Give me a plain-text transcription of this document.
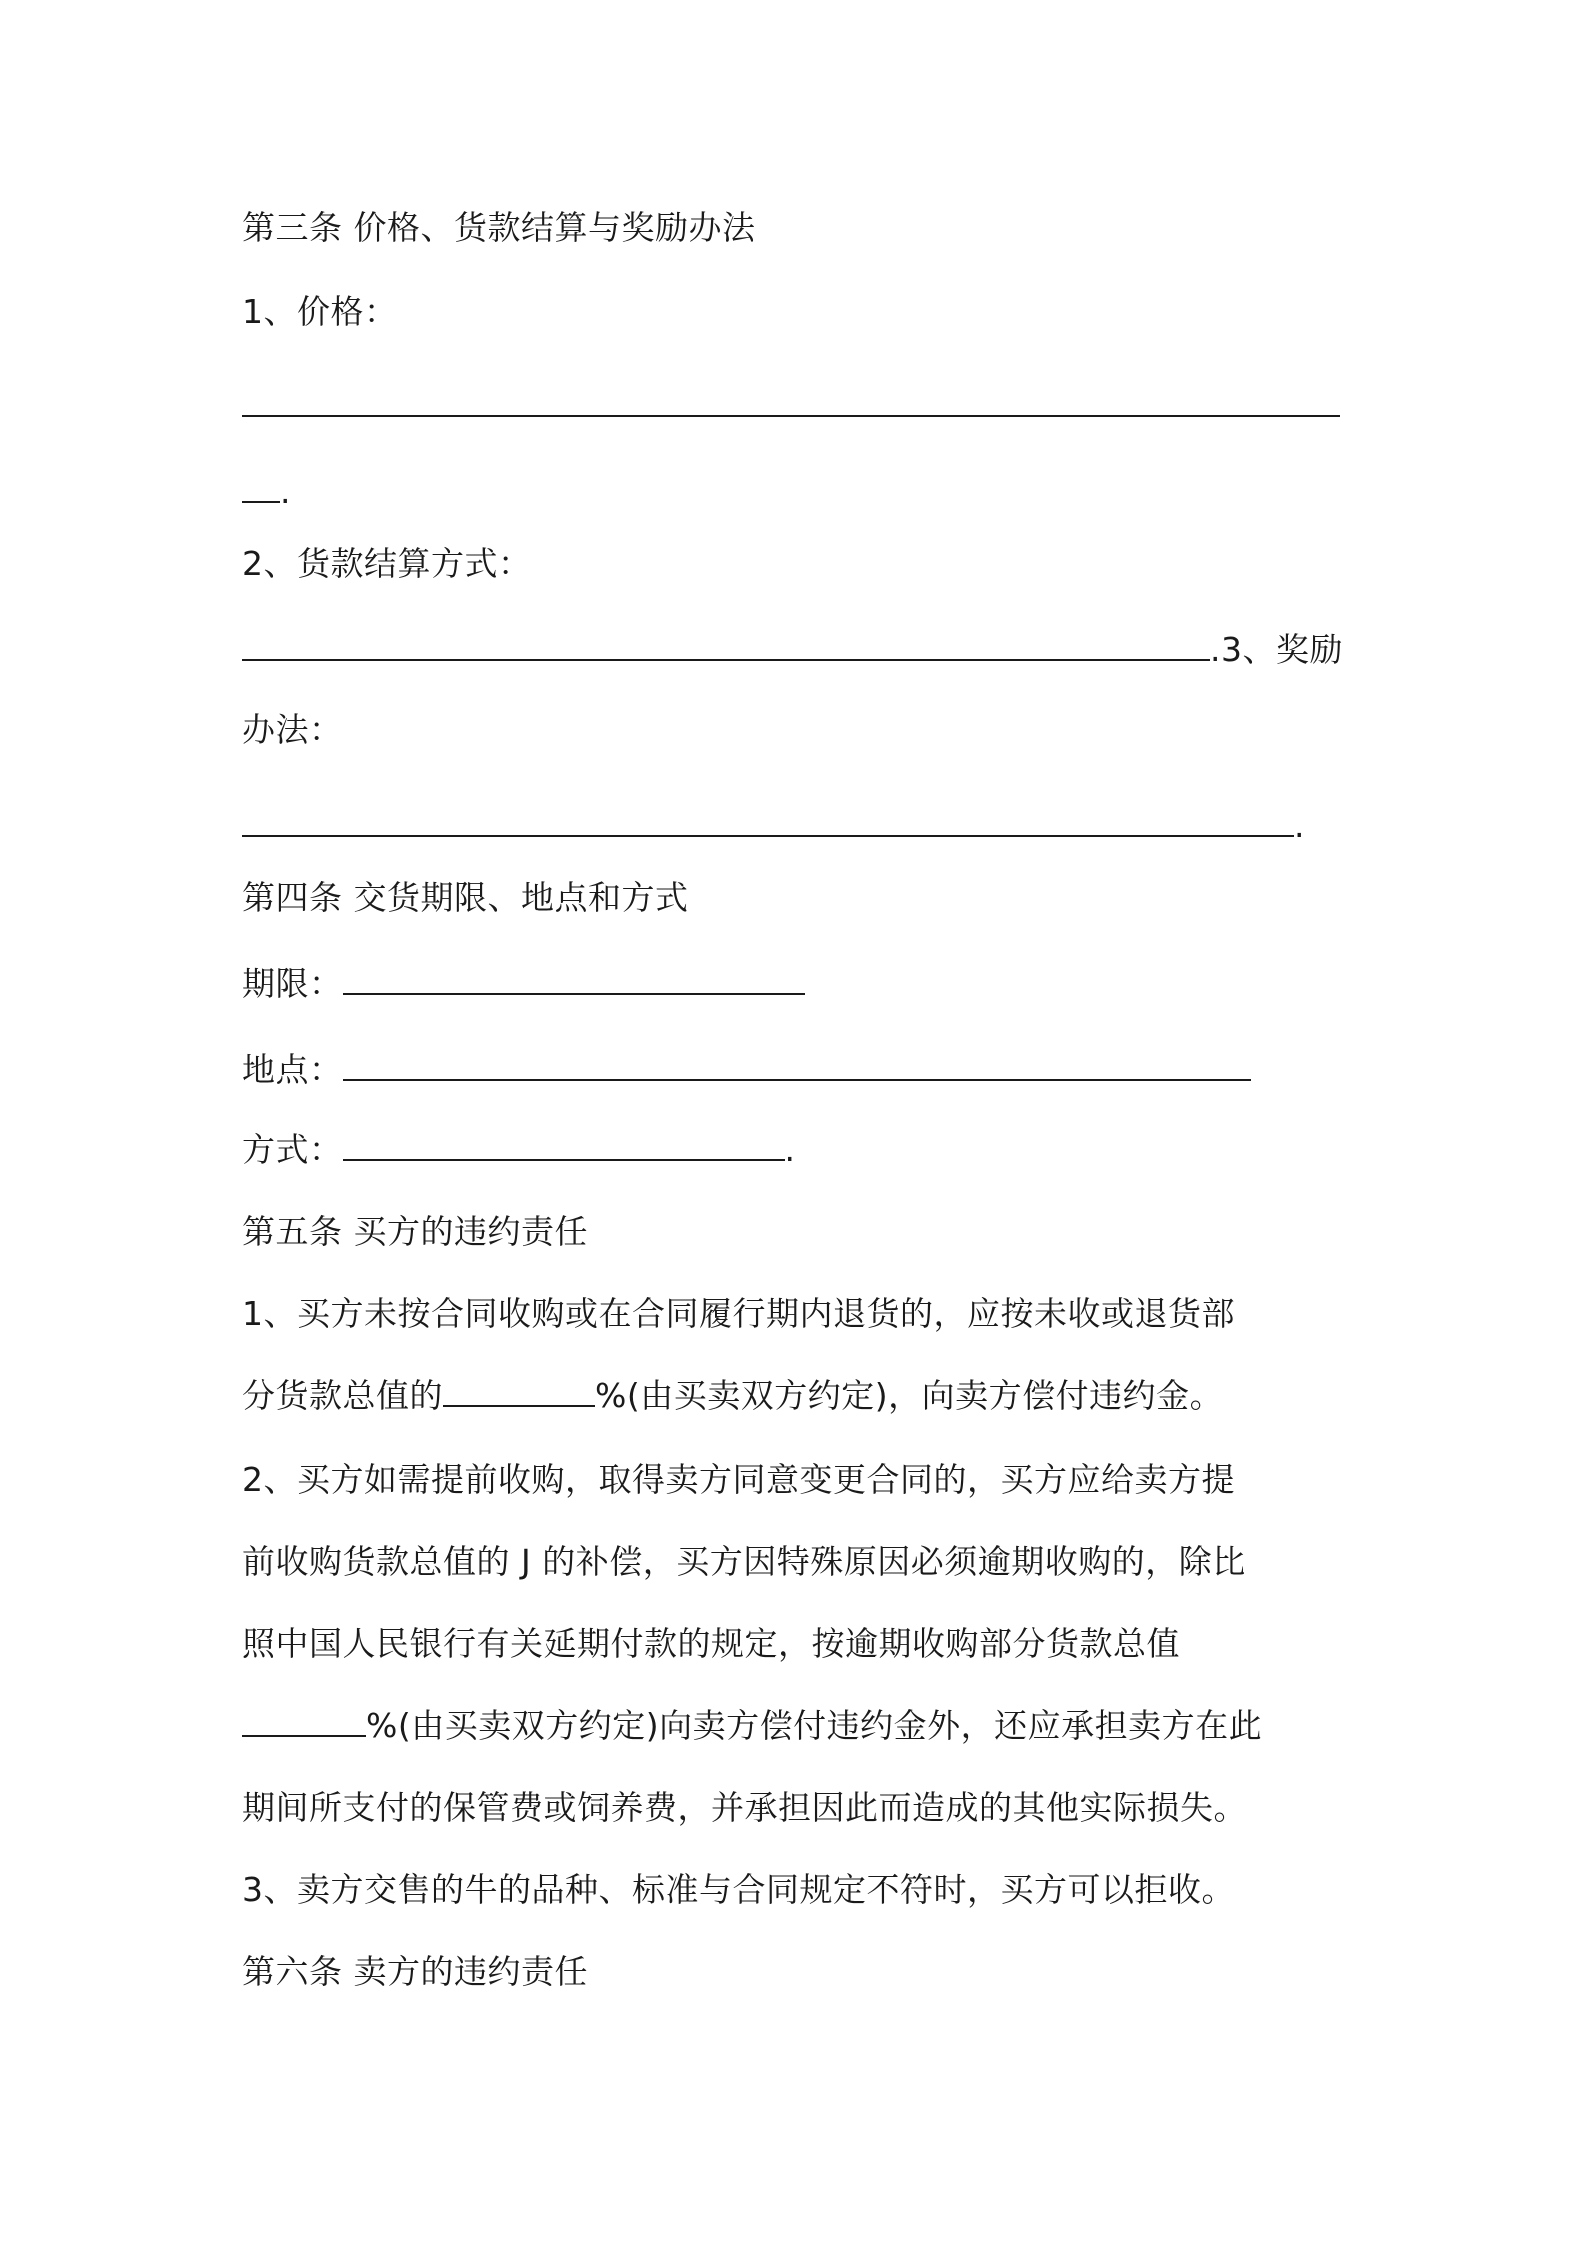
第三条 价格、货款结算与奖励办法
1、价格：
.
2、货款结算方式：
.3、奖励
办法：
.
第四条 交货期限、地点和方式
期限：
地点：
方式：	.
第五条 买方的违约责任
1、买方未按合同收购或在合同履行期内退货的，应按未收或退货部
分货款总值的	%(由买卖双方约定)，向卖方偿付违约金。
2、买方如需提前收购，取得卖方同意变更合同的，买方应给卖方提
前收购货款总值的 J 的补偿，买方因特殊原因必须逾期收购的，除比
照中国人民银行有关延期付款的规定，按逾期收购部分货款总值
%(由买卖双方约定)向卖方偿付违约金外，还应承担卖方在此
期间所支付的保管费或饲养费，并承担因此而造成的其他实际损失。
3、卖方交售的牛的品种、标准与合同规定不符时，买方可以拒收。
第六条 卖方的违约责任
